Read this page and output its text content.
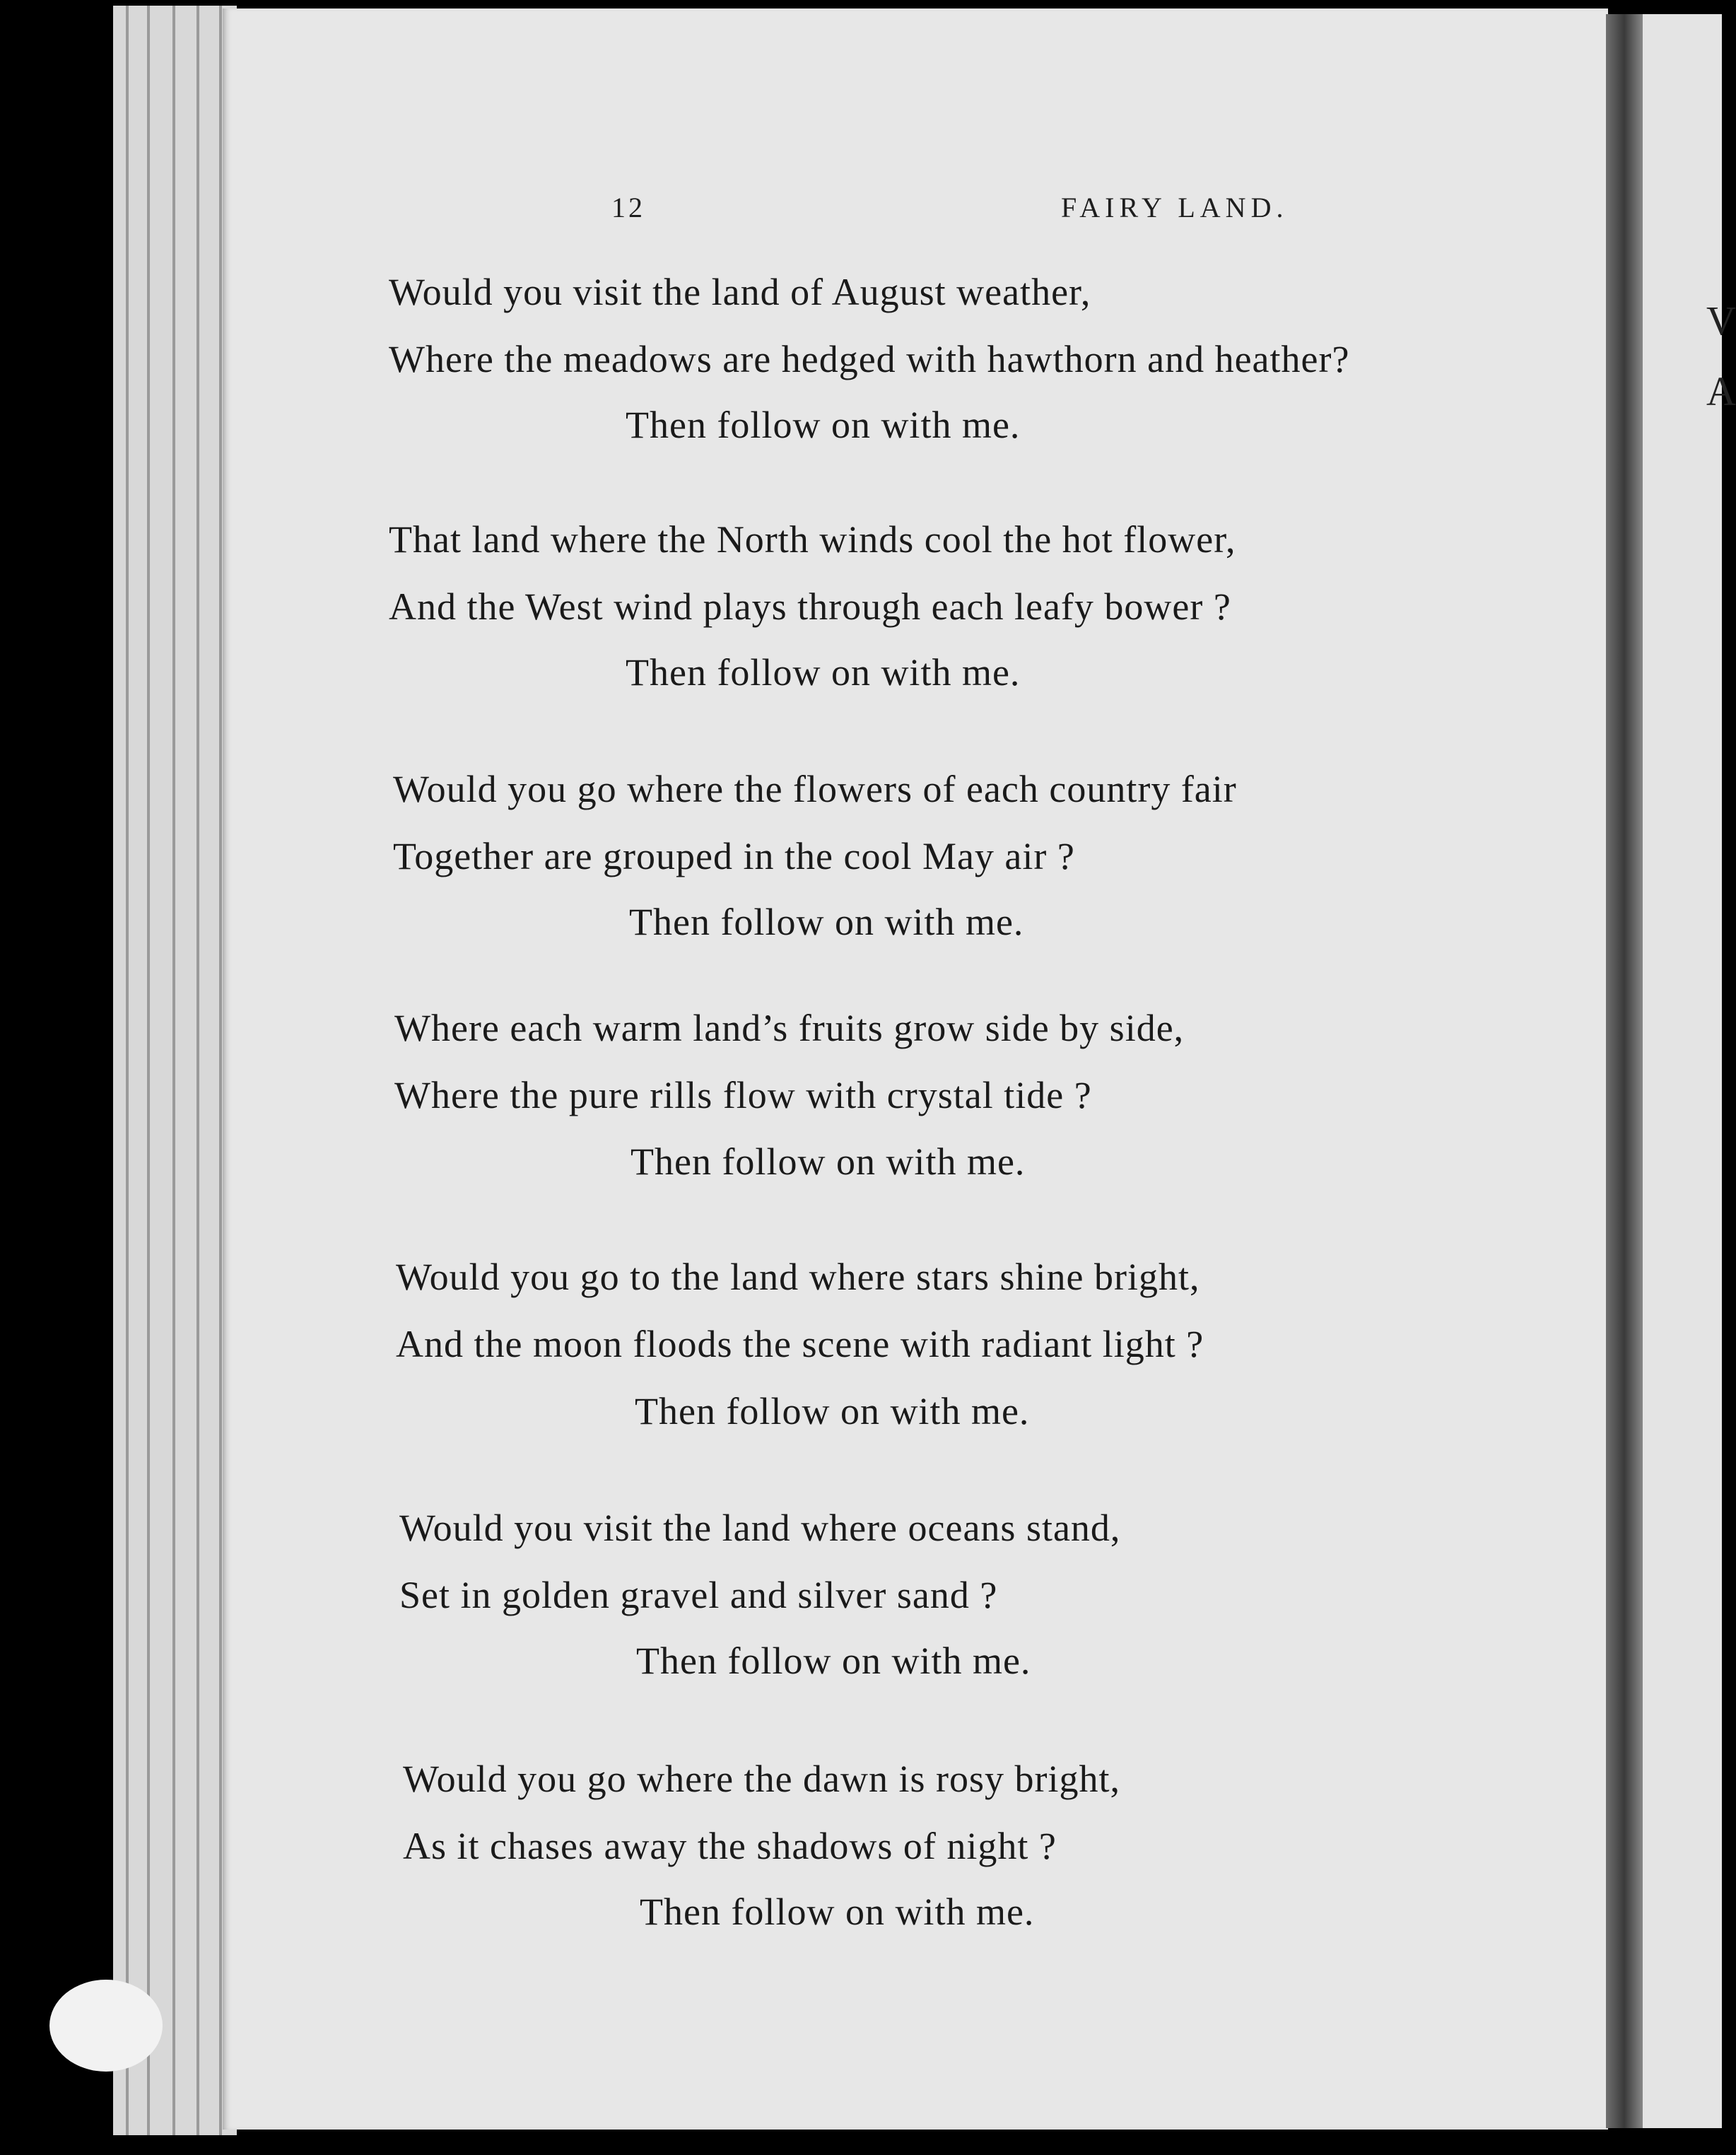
12	FAIRY LAND.
V
A
Would you visit the land of August weather,
Where the meadows are hedged with hawthorn and heather?
Then follow on with me.
That land where the North winds cool the hot flower,
And the West wind plays through each leafy bower ?
Then follow on with me.
Would you go where the flowers of each country fair
Together are grouped in the cool May air ?
Then follow on with me.
Where each warm land’s fruits grow side by side,
Where the pure rills flow with crystal tide ?
Then follow on with me.
Would you go to the land where stars shine bright,
And the moon floods the scene with radiant light ?
Then follow on with me.
Would you visit the land where oceans stand,
Set in golden gravel and silver sand ?
Then follow on with me.
Would you go where the dawn is rosy bright,
As it chases away the shadows of night ?
Then follow on with me.
